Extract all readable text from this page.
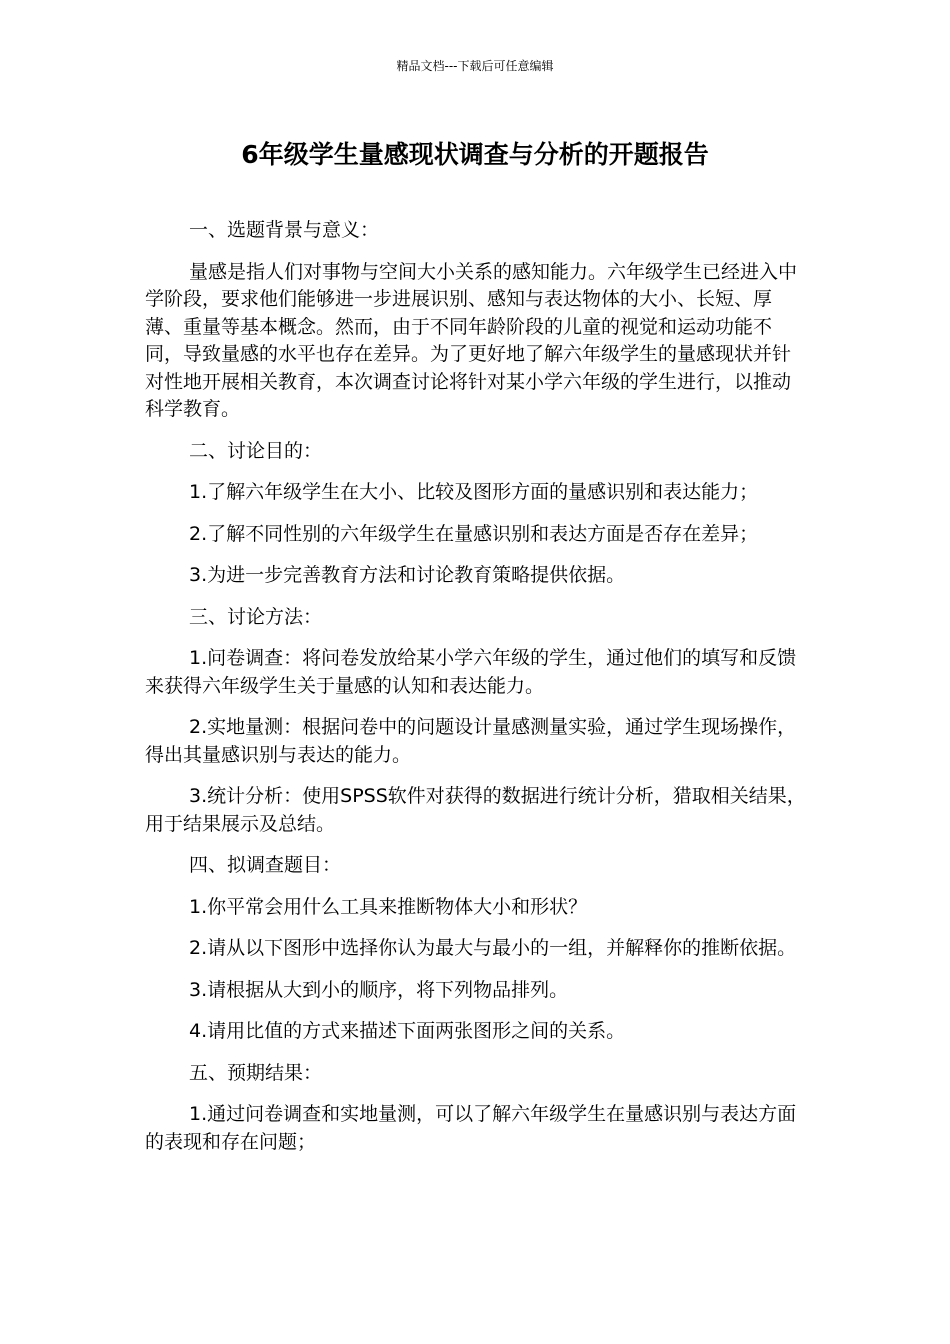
精品文档---下载后可任意编辑
6年级学生量感现状调查与分析的开题报告

一、选题背景与意义：

量感是指人们对事物与空间大小关系的感知能力。六年级学生已经进入中学阶段，要求他们能够进一步进展识别、感知与表达物体的大小、长短、厚薄、重量等基本概念。然而，由于不同年龄阶段的儿童的视觉和运动功能不同，导致量感的水平也存在差异。为了更好地了解六年级学生的量感现状并针对性地开展相关教育，本次调查讨论将针对某小学六年级的学生进行，以推动科学教育。

二、讨论目的：

1.了解六年级学生在大小、比较及图形方面的量感识别和表达能力；

2.了解不同性别的六年级学生在量感识别和表达方面是否存在差异；

3.为进一步完善教育方法和讨论教育策略提供依据。

三、讨论方法：

1.问卷调查：将问卷发放给某小学六年级的学生，通过他们的填写和反馈来获得六年级学生关于量感的认知和表达能力。

2.实地量测：根据问卷中的问题设计量感测量实验，通过学生现场操作，得出其量感识别与表达的能力。

3.统计分析：使用SPSS软件对获得的数据进行统计分析，猎取相关结果，用于结果展示及总结。

四、拟调查题目：

1.你平常会用什么工具来推断物体大小和形状？

2.请从以下图形中选择你认为最大与最小的一组，并解释你的推断依据。

3.请根据从大到小的顺序，将下列物品排列。

4.请用比值的方式来描述下面两张图形之间的关系。

五、预期结果：

1.通过问卷调查和实地量测，可以了解六年级学生在量感识别与表达方面的表现和存在问题；
